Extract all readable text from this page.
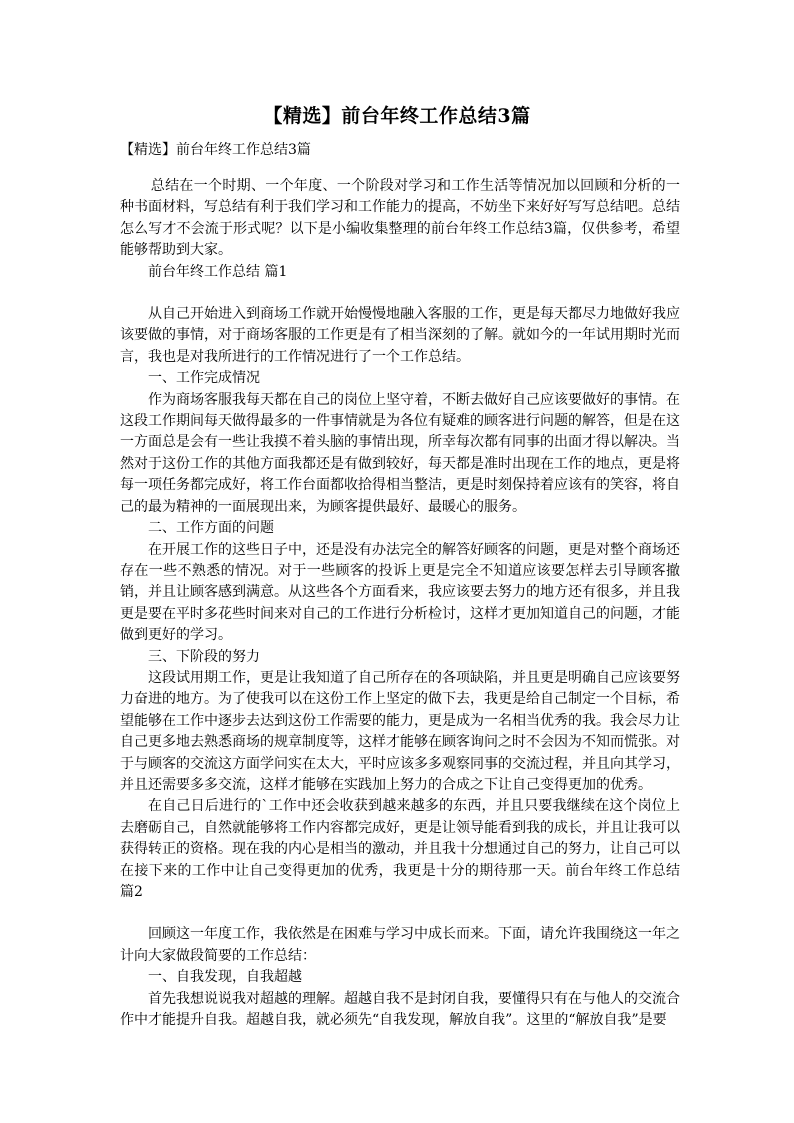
【精选】前台年终工作总结3篇
【精选】前台年终工作总结3篇

总结在一个时期、一个年度、一个阶段对学习和工作生活等情况加以回顾和分析的一种书面材料，写总结有利于我们学习和工作能力的提高，不妨坐下来好好写写总结吧。总结怎么写才不会流于形式呢？以下是小编收集整理的前台年终工作总结3篇，仅供参考，希望能够帮助到大家。

前台年终工作总结 篇1

从自己开始进入到商场工作就开始慢慢地融入客服的工作，更是每天都尽力地做好我应该要做的事情，对于商场客服的工作更是有了相当深刻的了解。就如今的一年试用期时光而言，我也是对我所进行的工作情况进行了一个工作总结。

一、工作完成情况

作为商场客服我每天都在自己的岗位上坚守着，不断去做好自己应该要做好的事情。在这段工作期间每天做得最多的一件事情就是为各位有疑难的顾客进行问题的解答，但是在这一方面总是会有一些让我摸不着头脑的事情出现，所幸每次都有同事的出面才得以解决。当然对于这份工作的其他方面我都还是有做到较好，每天都是准时出现在工作的地点，更是将每一项任务都完成好，将工作台面都收拾得相当整洁，更是时刻保持着应该有的笑容，将自己的最为精神的一面展现出来，为顾客提供最好、最暖心的服务。

二、工作方面的问题

在开展工作的这些日子中，还是没有办法完全的解答好顾客的问题，更是对整个商场还存在一些不熟悉的情况。对于一些顾客的投诉上更是完全不知道应该要怎样去引导顾客撤销，并且让顾客感到满意。从这些各个方面看来，我应该要去努力的地方还有很多，并且我更是要在平时多花些时间来对自己的工作进行分析检讨，这样才更加知道自己的问题，才能做到更好的学习。

三、下阶段的努力

这段试用期工作，更是让我知道了自己所存在的各项缺陷，并且更是明确自己应该要努力奋进的地方。为了使我可以在这份工作上坚定的做下去，我更是给自己制定一个目标，希望能够在工作中逐步去达到这份工作需要的能力，更是成为一名相当优秀的我。我会尽力让自己更多地去熟悉商场的规章制度等，这样才能够在顾客询问之时不会因为不知而慌张。对于与顾客的交流这方面学问实在太大，平时应该多多观察同事的交流过程，并且向其学习，并且还需要多多交流，这样才能够在实践加上努力的合成之下让自己变得更加的优秀。

在自己日后进行的`工作中还会收获到越来越多的东西，并且只要我继续在这个岗位上去磨砺自己，自然就能够将工作内容都完成好，更是让领导能看到我的成长，并且让我可以获得转正的资格。现在我的内心是相当的激动，并且我十分想通过自己的努力，让自己可以在接下来的工作中让自己变得更加的优秀，我更是十分的期待那一天。前台年终工作总结 篇2

回顾这一年度工作，我依然是在困难与学习中成长而来。下面，请允许我围绕这一年之计向大家做段简要的工作总结：

一、自我发现，自我超越

首先我想说说我对超越的理解。超越自我不是封闭自我，要懂得只有在与他人的交流合作中才能提升自我。超越自我，就必须先“自我发现，解放自我”。这里的“解放自我”是要
